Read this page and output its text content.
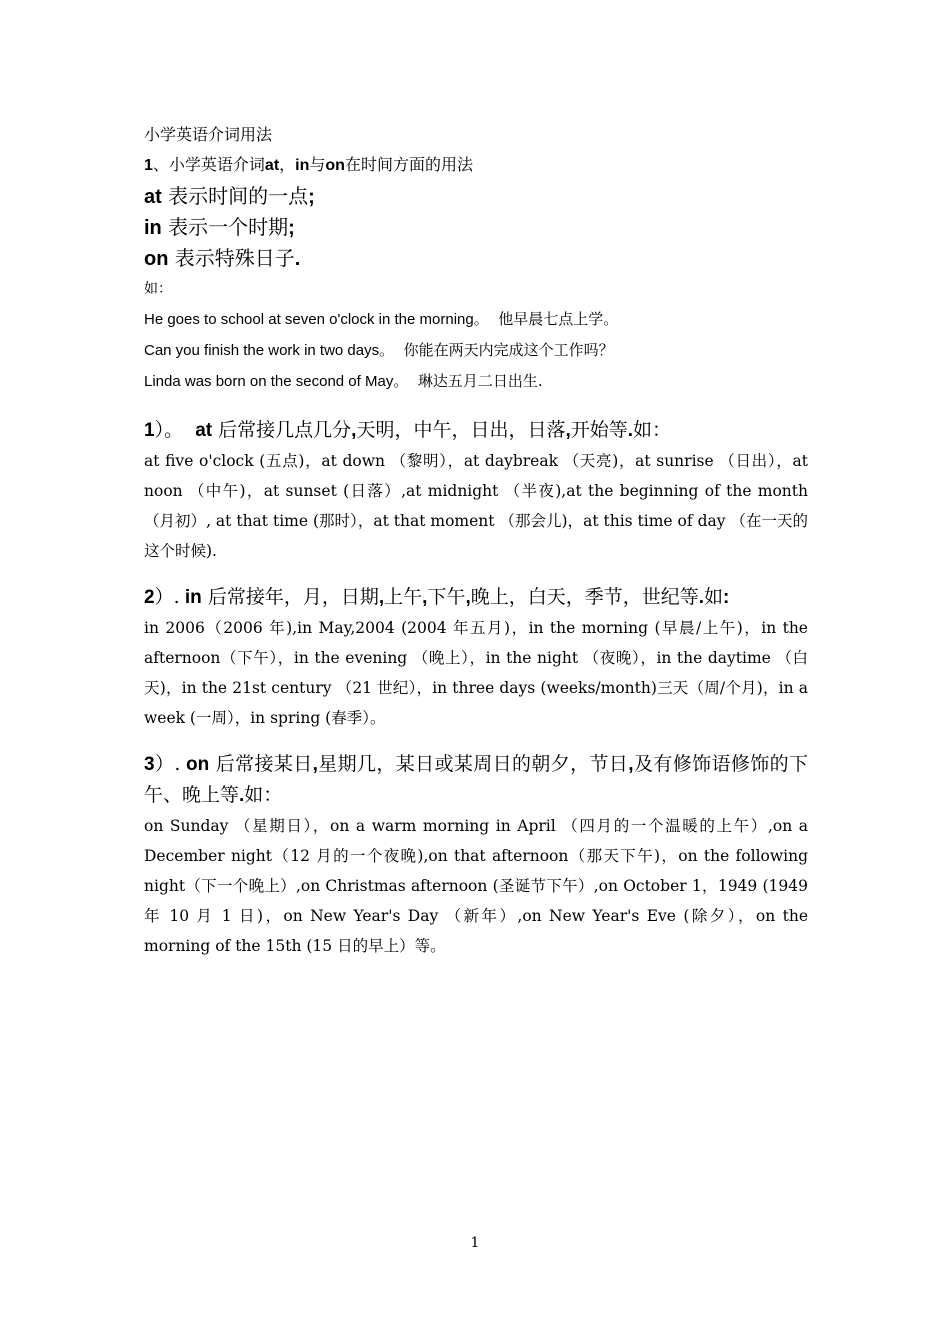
小学英语介词用法

1、小学英语介词at，in与on在时间方面的用法

at 表示时间的一点;

in 表示一个时期;

on 表示特殊日子.

如：

He goes to school at seven o'clock in the morning。 他早晨七点上学。

Can you finish the work in two days。 你能在两天内完成这个工作吗？

Linda was born on the second of May。 琳达五月二日出生.

1）。 at 后常接几点几分,天明，中午，日出，日落,开始等.如：

at five o'clock (五点)，at down （黎明），at daybreak （天亮)，at sunrise （日出），at noon （中午)，at sunset (日落）,at midnight （半夜),at the beginning of the month （月初）, at that time (那时），at that moment （那会儿)，at this time of day （在一天的这个时候).

2）. in 后常接年，月，日期,上午,下午,晚上，白天，季节，世纪等.如:

in 2006（2006 年),in May,2004 (2004 年五月)，in the morning (早晨/上午)，in the afternoon（下午），in the evening （晚上），in the night （夜晚），in the daytime （白天)，in the 21st century （21 世纪），in three days (weeks/month)三天（周/个月)，in a week (一周），in spring (春季）。

3）. on 后常接某日,星期几，某日或某周日的朝夕，节日,及有修饰语修饰的下午、晚上等.如：

on Sunday （星期日），on a warm morning in April （四月的一个温暖的上午）,on a December night（12 月的一个夜晚),on that afternoon（那天下午)，on the following night（下一个晚上）,on Christmas afternoon (圣诞节下午）,on October 1，1949 (1949 年 10 月 1 日)，on New Year's Day （新年）,on New Year's Eve (除夕），on the morning of the 15th (15 日的早上）等。

1
